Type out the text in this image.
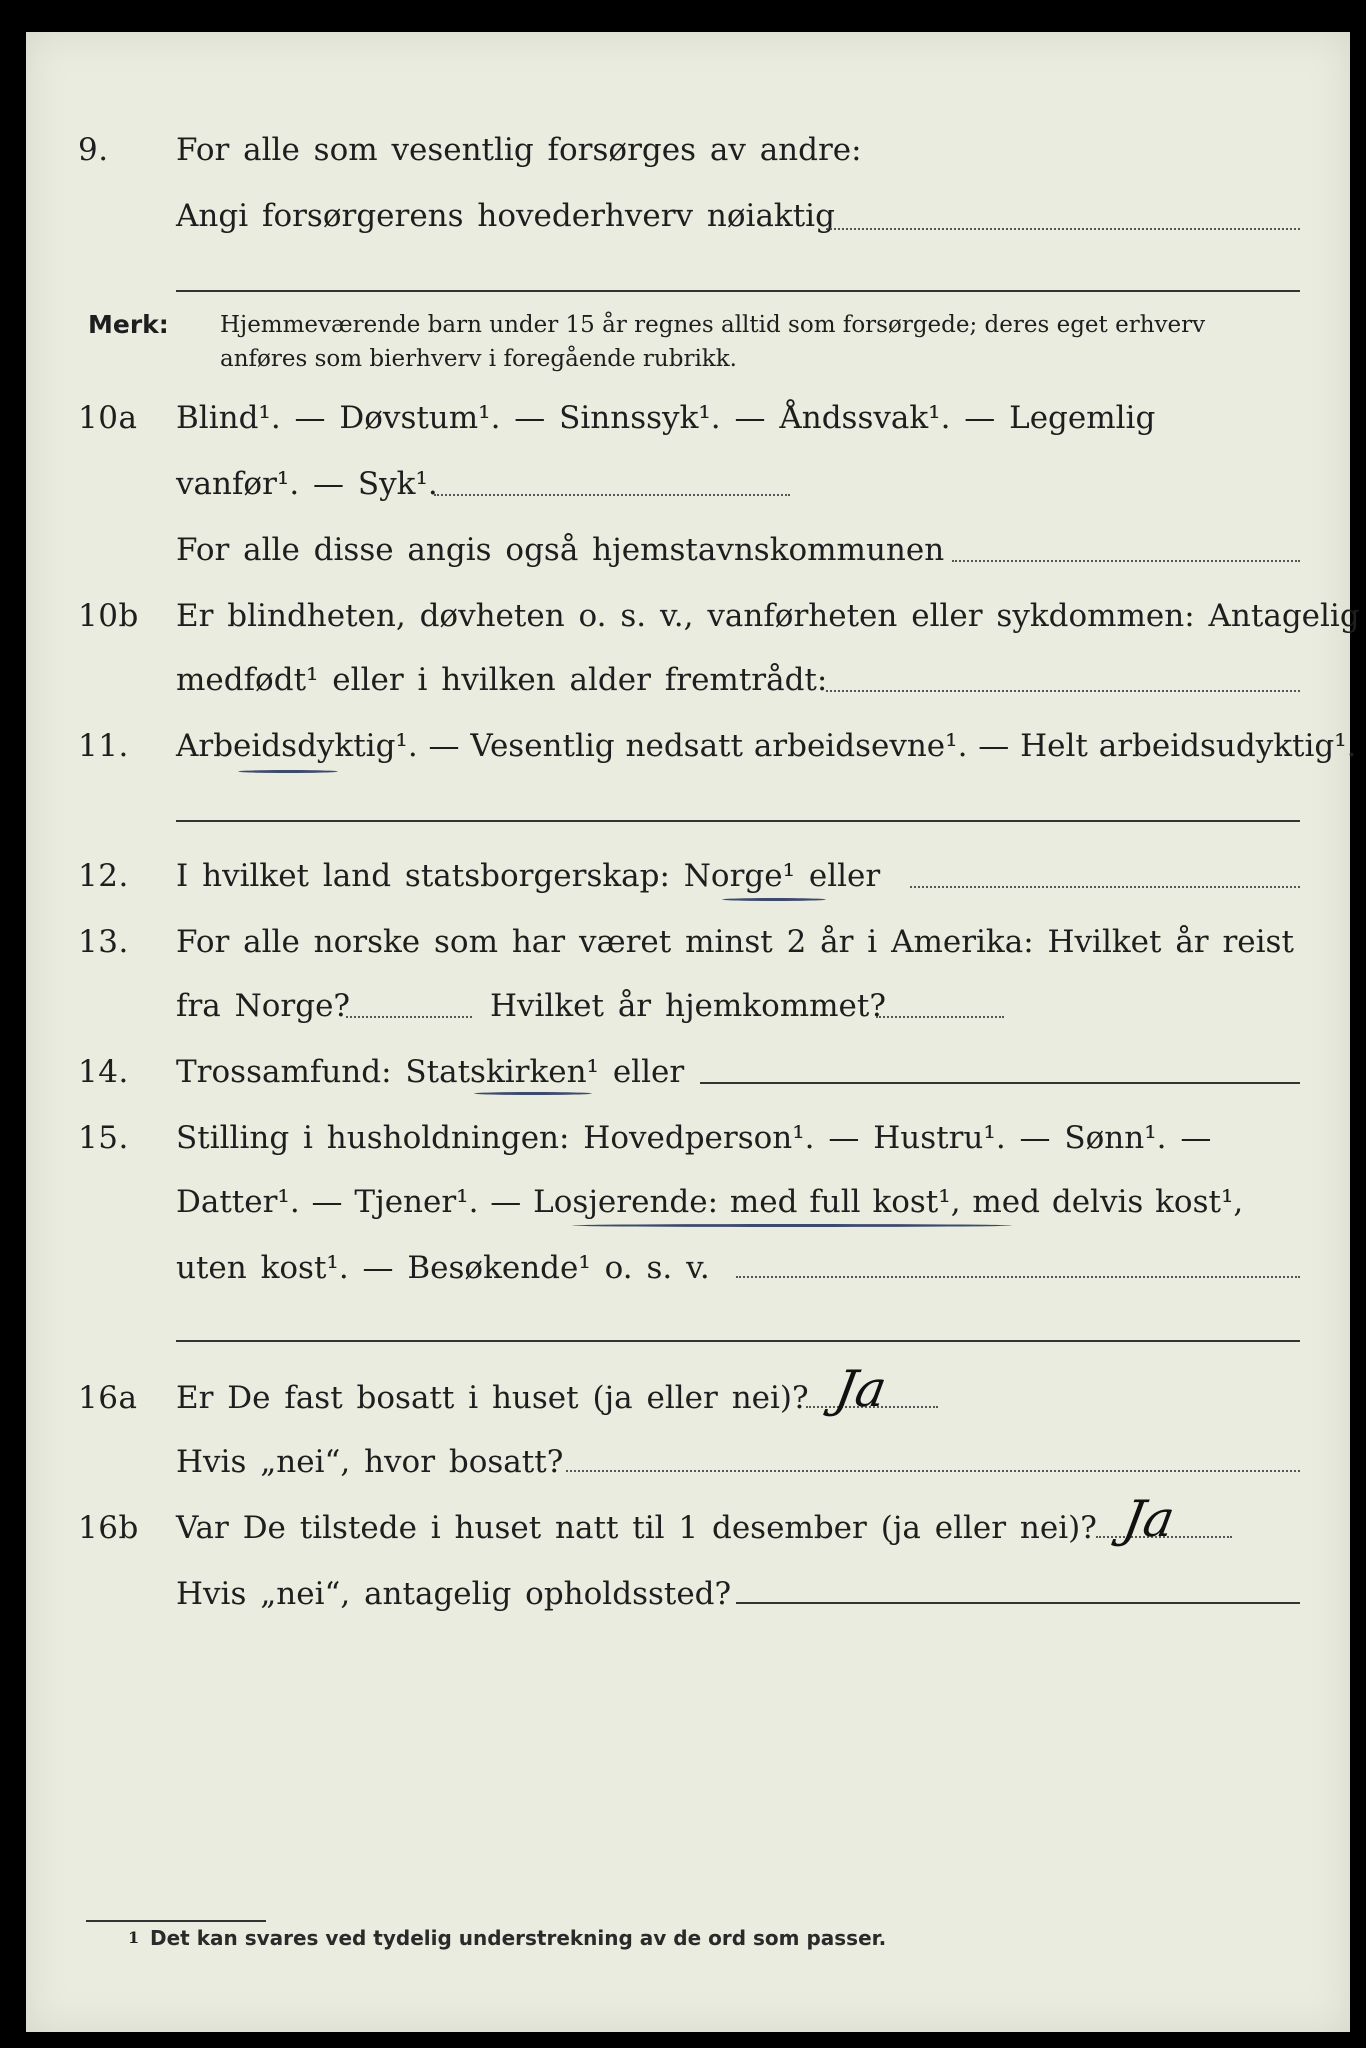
9. For alle som vesentlig forsørges av andre:
Angi forsørgerens hovederhverv nøiaktig
Merk: Hjemmeværende barn under 15 år regnes alltid som forsørgede; deres eget erhverv
anføres som bierhverv i foregående rubrikk.
10a Blind¹. — Døvstum¹. — Sinnssyk¹. — Åndssvak¹. — Legemlig
vanfør¹. — Syk¹.
For alle disse angis også hjemstavnskommunen
10b Er blindheten, døvheten o. s. v., vanførheten eller sykdommen: Antagelig
medfødt¹ eller i hvilken alder fremtrådt:
11. Arbeidsdyktig¹. — Vesentlig nedsatt arbeidsevne¹. — Helt arbeidsudyktig¹.
12. I hvilket land statsborgerskap: Norge¹ eller
13. For alle norske som har været minst 2 år i Amerika: Hvilket år reist
fra Norge?	Hvilket år hjemkommet?
14. Trossamfund: Statskirken¹ eller
15. Stilling i husholdningen: Hovedperson¹. — Hustru¹. — Sønn¹. —
Datter¹. — Tjener¹. — Losjerende: med full kost¹, med delvis kost¹,
uten kost¹. — Besøkende¹ o. s. v.
16a Er De fast bosatt i huset (ja eller nei)? Ja
Hvis „nei“, hvor bosatt?
16b Var De tilstede i huset natt til 1 desember (ja eller nei)? Ja
Hvis „nei“, antagelig opholdssted?
1 Det kan svares ved tydelig understrekning av de ord som passer.
